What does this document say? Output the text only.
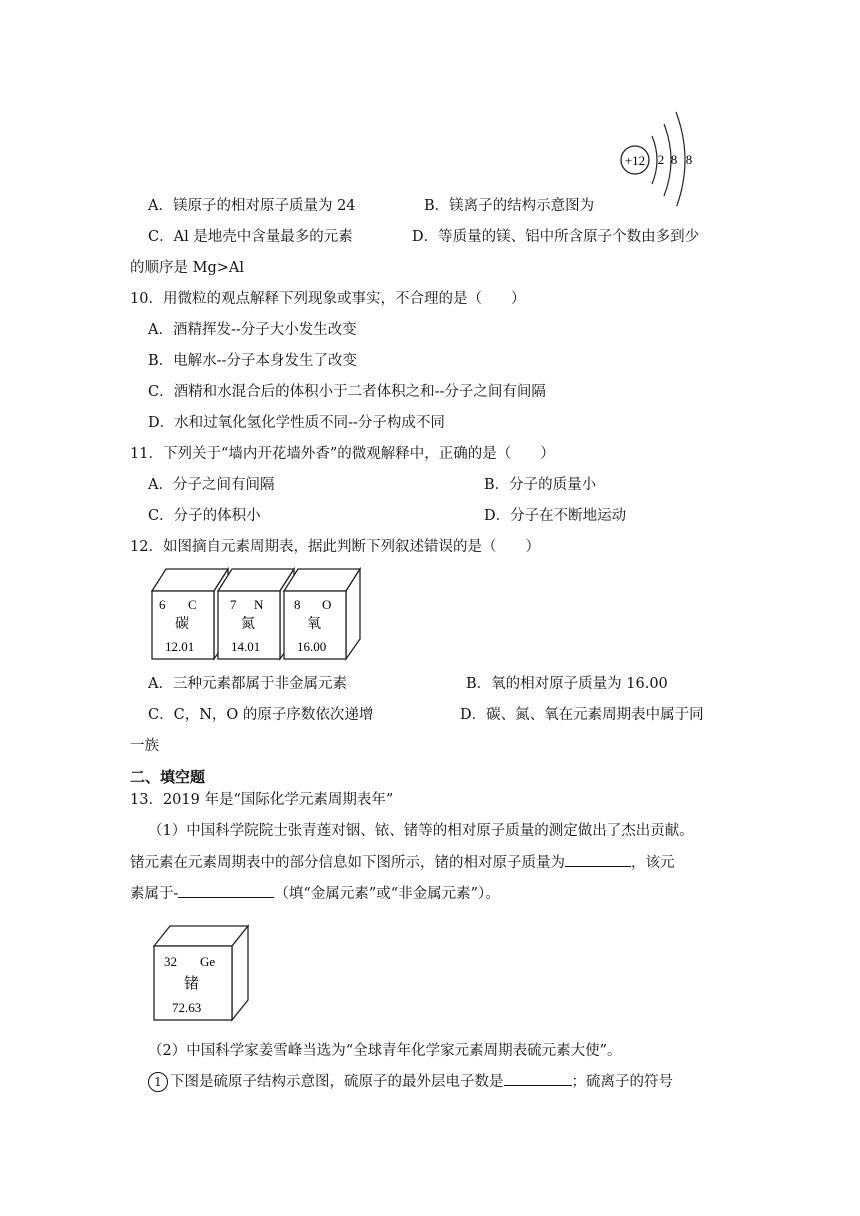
+12 2 8 8
A．镁原子的相对原子质量为 24	B．镁离子的结构示意图为
C．Al 是地壳中含量最多的元素	D．等质量的镁、铝中所含原子个数由多到少
的顺序是 Mg>Al
10．用微粒的观点解释下列现象或事实，不合理的是（　　）
A．酒精挥发--分子大小发生改变
B．电解水--分子本身发生了改变
C．酒精和水混合后的体积小于二者体积之和--分子之间有间隔
D．水和过氧化氢化学性质不同--分子构成不同
11．下列关于“墙内开花墙外香”的微观解释中，正确的是（　　）
A．分子之间有间隔	B．分子的质量小
C．分子的体积小	D．分子在不断地运动
12．如图摘自元素周期表，据此判断下列叙述错误的是（　　）
6 C
碳
12.01
7 N
氮
14.01
8 O
氧
16.00
A．三种元素都属于非金属元素	B．氧的相对原子质量为 16.00
C．C，N，O 的原子序数依次递增	D．碳、氮、氧在元素周期表中属于同
一族
二、填空题
13．2019 年是“国际化学元素周期表年”
（1）中国科学院院士张青莲对铟、铱、锗等的相对原子质量的测定做出了杰出贡献。
锗元素在元素周期表中的部分信息如下图所示，锗的相对原子质量为	，该元
素属于-	（填“金属元素”或“非金属元素”）。
32 Ge
锗
72.63
（2）中国科学家姜雪峰当选为“全球青年化学家元素周期表硫元素大使”。
1 下图是硫原子结构示意图，硫原子的最外层电子数是	；硫离子的符号
